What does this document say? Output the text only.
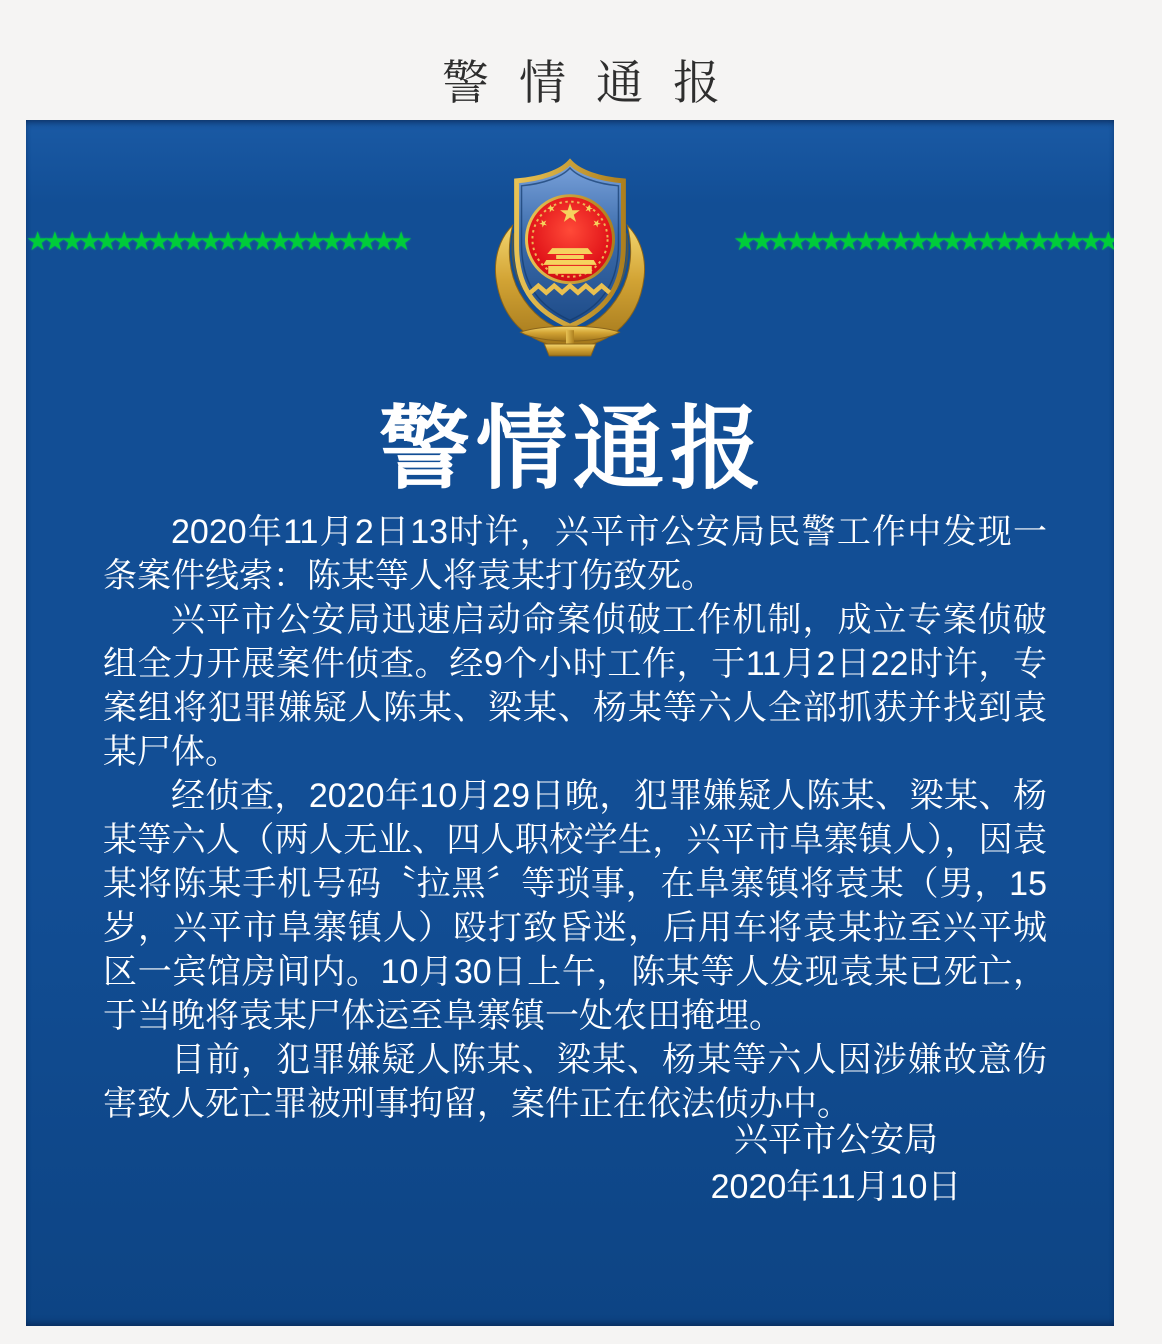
警情通报
★★★★★★★★★★★★★★★★★★★★★★	★★★★★★★★★★★★★★★★★★★★★★
警情通报

2020年11月2日13时许，兴平市公安局民警工作中发现一条案件线索：陈某等人将袁某打伤致死。

兴平市公安局迅速启动命案侦破工作机制，成立专案侦破组全力开展案件侦查。经9个小时工作，于11月2日22时许，专案组将犯罪嫌疑人陈某、梁某、杨某等六人全部抓获并找到袁某尸体。

经侦查，2020年10月29日晚，犯罪嫌疑人陈某、梁某、杨某等六人（两人无业、四人职校学生，兴平市阜寨镇人），因袁某将陈某手机号码〝拉黑〞等琐事，在阜寨镇将袁某（男，15岁，兴平市阜寨镇人）殴打致昏迷，后用车将袁某拉至兴平城区一宾馆房间内。10月30日上午，陈某等人发现袁某已死亡，于当晚将袁某尸体运至阜寨镇一处农田掩埋。

目前，犯罪嫌疑人陈某、梁某、杨某等六人因涉嫌故意伤害致人死亡罪被刑事拘留，案件正在依法侦办中。

兴平市公安局
2020年11月10日
